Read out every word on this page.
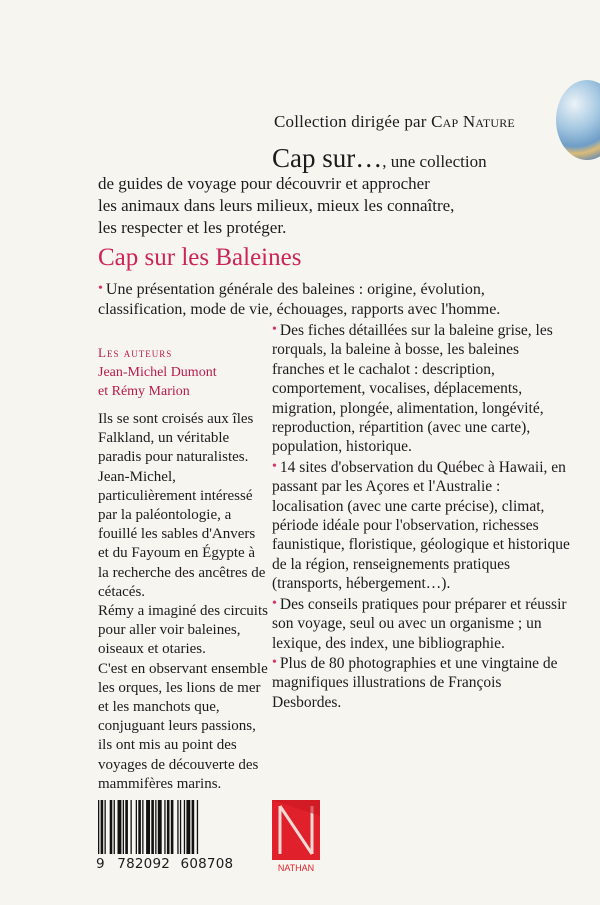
Collection dirigée par Cap Nature
Cap sur…, une collection
de guides de voyage pour découvrir et approcher
les animaux dans leurs milieux, mieux les connaître,
les respecter et les protéger.
Cap sur les Baleines
• Une présentation générale des baleines : origine, évolution, classification, mode de vie, échouages, rapports avec l'homme.
Les auteurs
Jean-Michel Dumont
et Rémy Marion

Ils se sont croisés aux îles Falkland, un véritable paradis pour naturalistes. Jean-Michel, particulièrement intéressé par la paléontologie, a fouillé les sables d'Anvers et du Fayoum en Égypte à la recherche des ancêtres de cétacés.

Rémy a imaginé des circuits pour aller voir baleines, oiseaux et otaries.

C'est en observant ensemble les orques, les lions de mer et les manchots que, conjuguant leurs passions, ils ont mis au point des voyages de découverte des mammifères marins.

• Des fiches détaillées sur la baleine grise, les rorquals, la baleine à bosse, les baleines franches et le cachalot : description, comportement, vocalises, déplacements, migration, plongée, alimentation, longévité, reproduction, répartition (avec une carte), population, historique.

• 14 sites d'observation du Québec à Hawaii, en passant par les Açores et l'Australie : localisation (avec une carte précise), climat, période idéale pour l'observation, richesses faunistique, floristique, géologique et historique de la région, renseignements pratiques (transports, hébergement…).

• Des conseils pratiques pour préparer et réussir son voyage, seul ou avec un organisme ; un lexique, des index, une bibliographie.

• Plus de 80 photographies et une vingtaine de magnifiques illustrations de François Desbordes.

9 782092 608708	NATHAN
